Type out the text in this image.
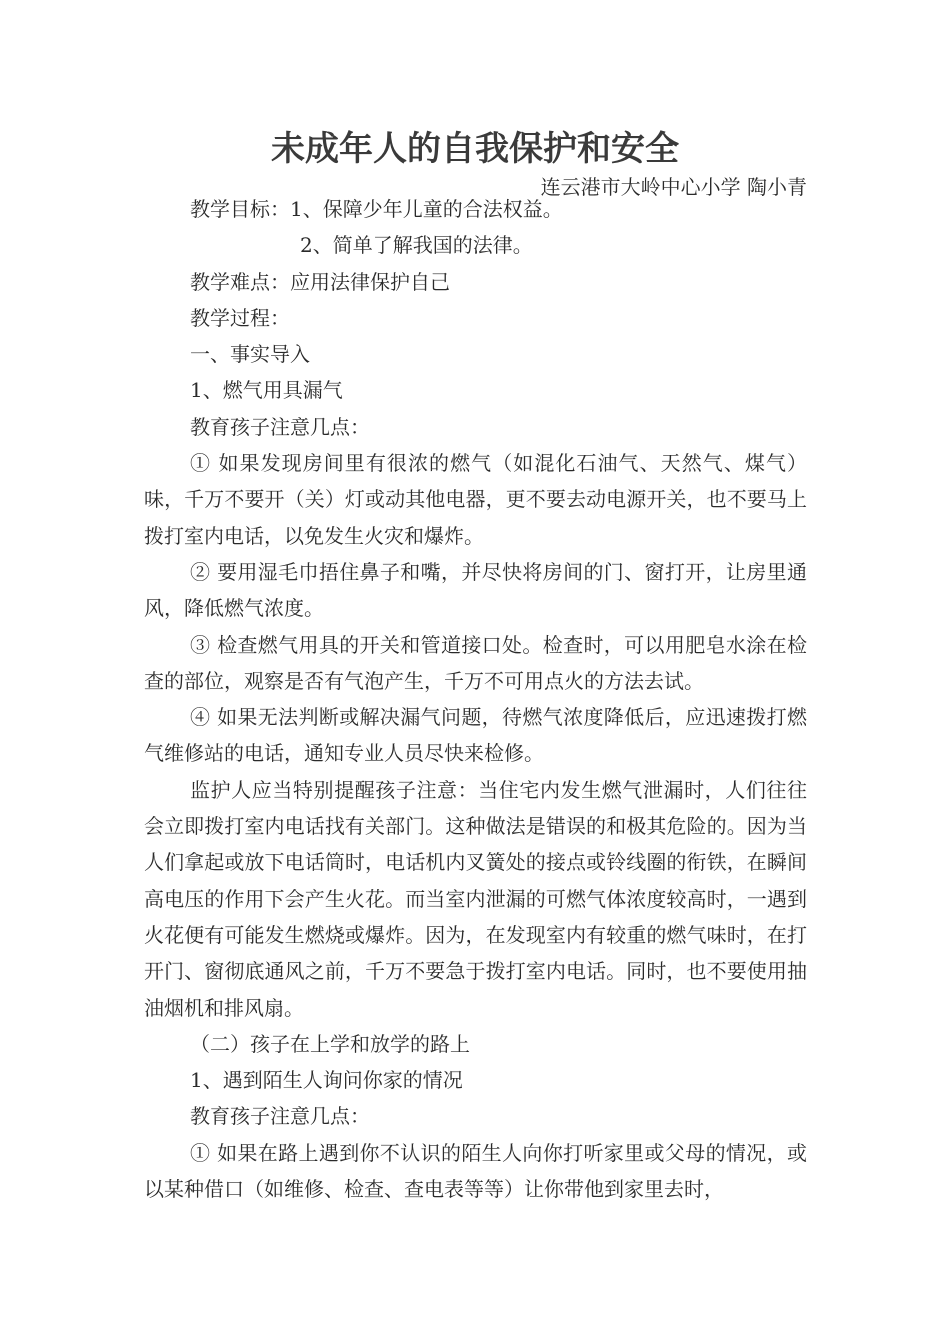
未成年人的自我保护和安全
连云港市大岭中心小学 陶小青

教学目标：1、保障少年儿童的合法权益。

2、简单了解我国的法律。

教学难点：应用法律保护自己

教学过程：

一、事实导入

1、燃气用具漏气

教育孩子注意几点：

① 如果发现房间里有很浓的燃气（如混化石油气、天然气、煤气）味，千万不要开（关）灯或动其他电器，更不要去动电源开关，也不要马上拨打室内电话，以免发生火灾和爆炸。

② 要用湿毛巾捂住鼻子和嘴，并尽快将房间的门、窗打开，让房里通风，降低燃气浓度。

③ 检查燃气用具的开关和管道接口处。检查时，可以用肥皂水涂在检查的部位，观察是否有气泡产生，千万不可用点火的方法去试。

④ 如果无法判断或解决漏气问题，待燃气浓度降低后，应迅速拨打燃气维修站的电话，通知专业人员尽快来检修。

监护人应当特别提醒孩子注意：当住宅内发生燃气泄漏时，人们往往会立即拨打室内电话找有关部门。这种做法是错误的和极其危险的。因为当人们拿起或放下电话筒时，电话机内叉簧处的接点或铃线圈的衔铁，在瞬间高电压的作用下会产生火花。而当室内泄漏的可燃气体浓度较高时，一遇到火花便有可能发生燃烧或爆炸。因为，在发现室内有较重的燃气味时，在打开门、窗彻底通风之前，千万不要急于拨打室内电话。同时，也不要使用抽油烟机和排风扇。

（二）孩子在上学和放学的路上

1、遇到陌生人询问你家的情况

教育孩子注意几点：

① 如果在路上遇到你不认识的陌生人向你打听家里或父母的情况，或以某种借口（如维修、检查、查电表等等）让你带他到家里去时，
